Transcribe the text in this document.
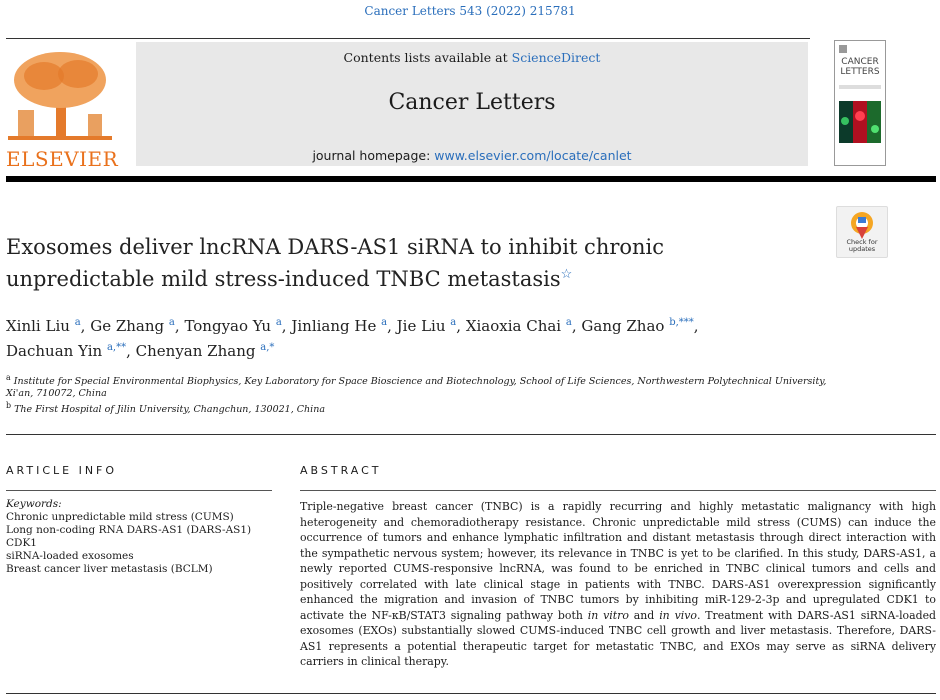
Cancer Letters 543 (2022) 215781
ELSEVIER
Contents lists available at ScienceDirect
Cancer Letters
journal homepage: www.elsevier.com/locate/canlet
CANCER
LETTERS
Check for
updates
Exosomes deliver lncRNA DARS-AS1 siRNA to inhibit chronic
unpredictable mild stress-induced TNBC metastasis☆
Xinli Liu $^a$, Ge Zhang $^a$, Tongyao Yu $^a$, Jinliang He $^a$, Jie Liu $^a$, Xiaoxia Chai $^a$, Gang Zhao $^{b,***}$,
Dachuan Yin $^{a,**}$, Chenyan Zhang $^{a,*}$
$^a$ Institute for Special Environmental Biophysics, Key Laboratory for Space Bioscience and Biotechnology, School of Life Sciences, Northwestern Polytechnical University, Xi'an, 710072, China
$^b$ The First Hospital of Jilin University, Changchun, 130021, China
ARTICLE INFO	ABSTRACT
Keywords:
Chronic unpredictable mild stress (CUMS)
Long non-coding RNA DARS-AS1 (DARS-AS1)
CDK1
siRNA-loaded exosomes
Breast cancer liver metastasis (BCLM)
Triple-negative breast cancer (TNBC) is a rapidly recurring and highly metastatic malignancy with high heterogeneity and chemoradiotherapy resistance. Chronic unpredictable mild stress (CUMS) can induce the occurrence of tumors and enhance lymphatic infiltration and distant metastasis through direct interaction with the sympathetic nervous system; however, its relevance in TNBC is yet to be clarified. In this study, DARS-AS1, a newly reported CUMS-responsive lncRNA, was found to be enriched in TNBC clinical tumors and cells and positively correlated with late clinical stage in patients with TNBC. DARS-AS1 overexpression significantly enhanced the migration and invasion of TNBC tumors by inhibiting miR-129-2-3p and upregulated CDK1 to activate the NF-κB/STAT3 signaling pathway both in vitro and in vivo. Treatment with DARS-AS1 siRNA-loaded exosomes (EXOs) substantially slowed CUMS-induced TNBC cell growth and liver metastasis. Therefore, DARS-AS1 represents a potential therapeutic target for metastatic TNBC, and EXOs may serve as siRNA delivery carriers in clinical therapy.
